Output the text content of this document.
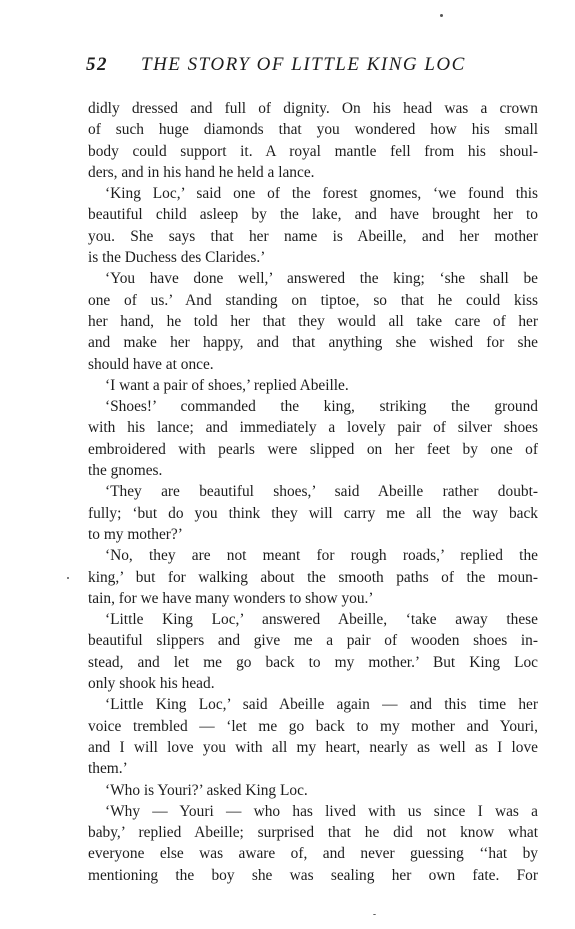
52 THE STORY OF LITTLE KING LOC
didly dressed and full of dignity. On his head was a crown
of such huge diamonds that you wondered how his small
body could support it. A royal mantle fell from his shoul-
ders, and in his hand he held a lance.
‘King Loc,’ said one of the forest gnomes, ‘we found this
beautiful child asleep by the lake, and have brought her to
you. She says that her name is Abeille, and her mother
is the Duchess des Clarides.’
‘You have done well,’ answered the king; ‘she shall be
one of us.’ And standing on tiptoe, so that he could kiss
her hand, he told her that they would all take care of her
and make her happy, and that anything she wished for she
should have at once.
‘I want a pair of shoes,’ replied Abeille.
‘Shoes!’ commanded the king, striking the ground
with his lance; and immediately a lovely pair of silver shoes
embroidered with pearls were slipped on her feet by one of
the gnomes.
‘They are beautiful shoes,’ said Abeille rather doubt-
fully; ‘but do you think they will carry me all the way back
to my mother?’
‘No, they are not meant for rough roads,’ replied the
king,’ but for walking about the smooth paths of the moun-
tain, for we have many wonders to show you.’
‘Little King Loc,’ answered Abeille, ‘take away these
beautiful slippers and give me a pair of wooden shoes in-
stead, and let me go back to my mother.’ But King Loc
only shook his head.
‘Little King Loc,’ said Abeille again — and this time her
voice trembled — ‘let me go back to my mother and Youri,
and I will love you with all my heart, nearly as well as I love
them.’
‘Who is Youri?’ asked King Loc.
‘Why — Youri — who has lived with us since I was a
baby,’ replied Abeille; surprised that he did not know what
everyone else was aware of, and never guessing ‘‘hat by
mentioning the boy she was sealing her own fate. For
